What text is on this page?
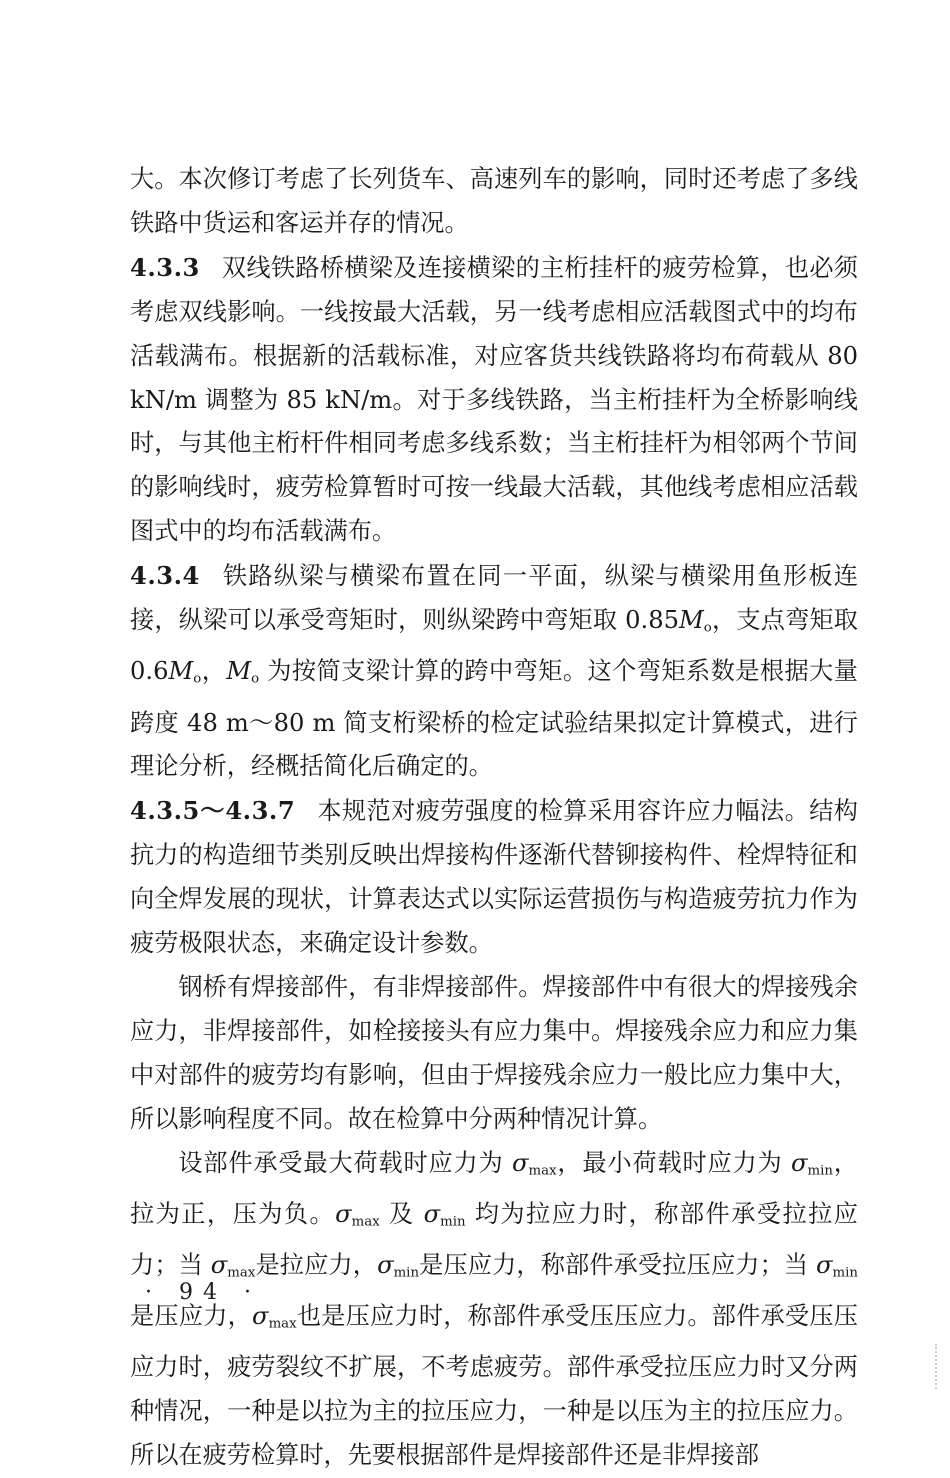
大。本次修订考虑了长列货车、高速列车的影响，同时还考虑了多线铁路中货运和客运并存的情况。

4.3.3 双线铁路桥横梁及连接横梁的主桁挂杆的疲劳检算，也必须考虑双线影响。一线按最大活载，另一线考虑相应活载图式中的均布活载满布。根据新的活载标准，对应客货共线铁路将均布荷载从 80 kN/m 调整为 85 kN/m。对于多线铁路，当主桁挂杆为全桥影响线时，与其他主桁杆件相同考虑多线系数；当主桁挂杆为相邻两个节间的影响线时，疲劳检算暂时可按一线最大活载，其他线考虑相应活载图式中的均布活载满布。

4.3.4 铁路纵梁与横梁布置在同一平面，纵梁与横梁用鱼形板连接，纵梁可以承受弯矩时，则纵梁跨中弯矩取 $0.85M_o$，支点弯矩取 $0.6M_o$，$M_o$ 为按简支梁计算的跨中弯矩。这个弯矩系数是根据大量跨度 48 m～80 m 简支桁梁桥的检定试验结果拟定计算模式，进行理论分析，经概括简化后确定的。

4.3.5～4.3.7 本规范对疲劳强度的检算采用容许应力幅法。结构抗力的构造细节类别反映出焊接构件逐渐代替铆接构件、栓焊特征和向全焊发展的现状，计算表达式以实际运营损伤与构造疲劳抗力作为疲劳极限状态，来确定设计参数。

钢桥有焊接部件，有非焊接部件。焊接部件中有很大的焊接残余应力，非焊接部件，如栓接接头有应力集中。焊接残余应力和应力集中对部件的疲劳均有影响，但由于焊接残余应力一般比应力集中大，所以影响程度不同。故在检算中分两种情况计算。

设部件承受最大荷载时应力为 $\sigma_{max}$，最小荷载时应力为 $\sigma_{min}$，拉为正，压为负。$\sigma_{max}$ 及 $\sigma_{min}$ 均为拉应力时，称部件承受拉拉应力；当 $\sigma_{max}$是拉应力，$\sigma_{min}$是压应力，称部件承受拉压应力；当 $\sigma_{min}$是压应力，$\sigma_{max}$也是压应力时，称部件承受压压应力。部件承受压压应力时，疲劳裂纹不扩展，不考虑疲劳。部件承受拉压应力时又分两种情况，一种是以拉为主的拉压应力，一种是以压为主的拉压应力。所以在疲劳检算时，先要根据部件是焊接部件还是非焊接部

· 94 ·
